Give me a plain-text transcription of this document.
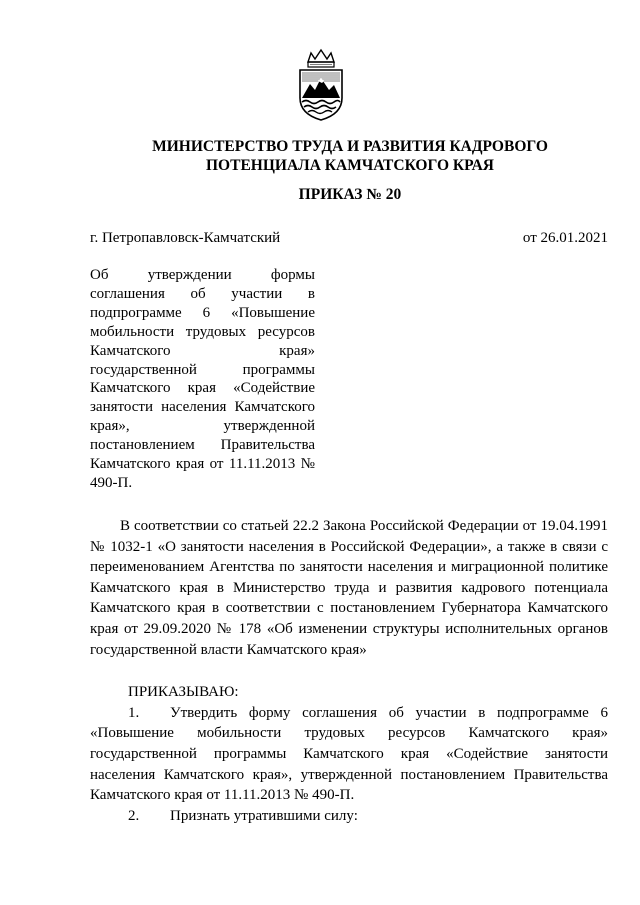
МИНИСТЕРСТВО ТРУДА И РАЗВИТИЯ КАДРОВОГО
ПОТЕНЦИАЛА КАМЧАТСКОГО КРАЯ
ПРИКАЗ № 20
г. Петропавловск-Камчатский	от 26.01.2021
Об утверждении формы соглашения об участии в подпрограмме 6 «Повышение мобильности трудовых ресурсов Камчатского края» государственной программы Камчатского края «Содействие занятости населения Камчатского края», утвержденной постановлением Правительства Камчатского края от 11.11.2013 № 490-П.

В соответствии со статьей 22.2 Закона Российской Федерации от 19.04.1991 № 1032-1 «О занятости населения в Российской Федерации», а также в связи с переименованием Агентства по занятости населения и миграционной политике Камчатского края в Министерство труда и развития кадрового потенциала Камчатского края в соответствии с постановлением Губернатора Камчатского края от 29.09.2020 № 178 «Об изменении структуры исполнительных органов государственной власти Камчатского края»

ПРИКАЗЫВАЮ:

1. Утвердить форму соглашения об участии в подпрограмме 6 «Повышение мобильности трудовых ресурсов Камчатского края» государственной программы Камчатского края «Содействие занятости населения Камчатского края», утвержденной постановлением Правительства Камчатского края от 11.11.2013 № 490-П.

2. Признать утратившими силу:
